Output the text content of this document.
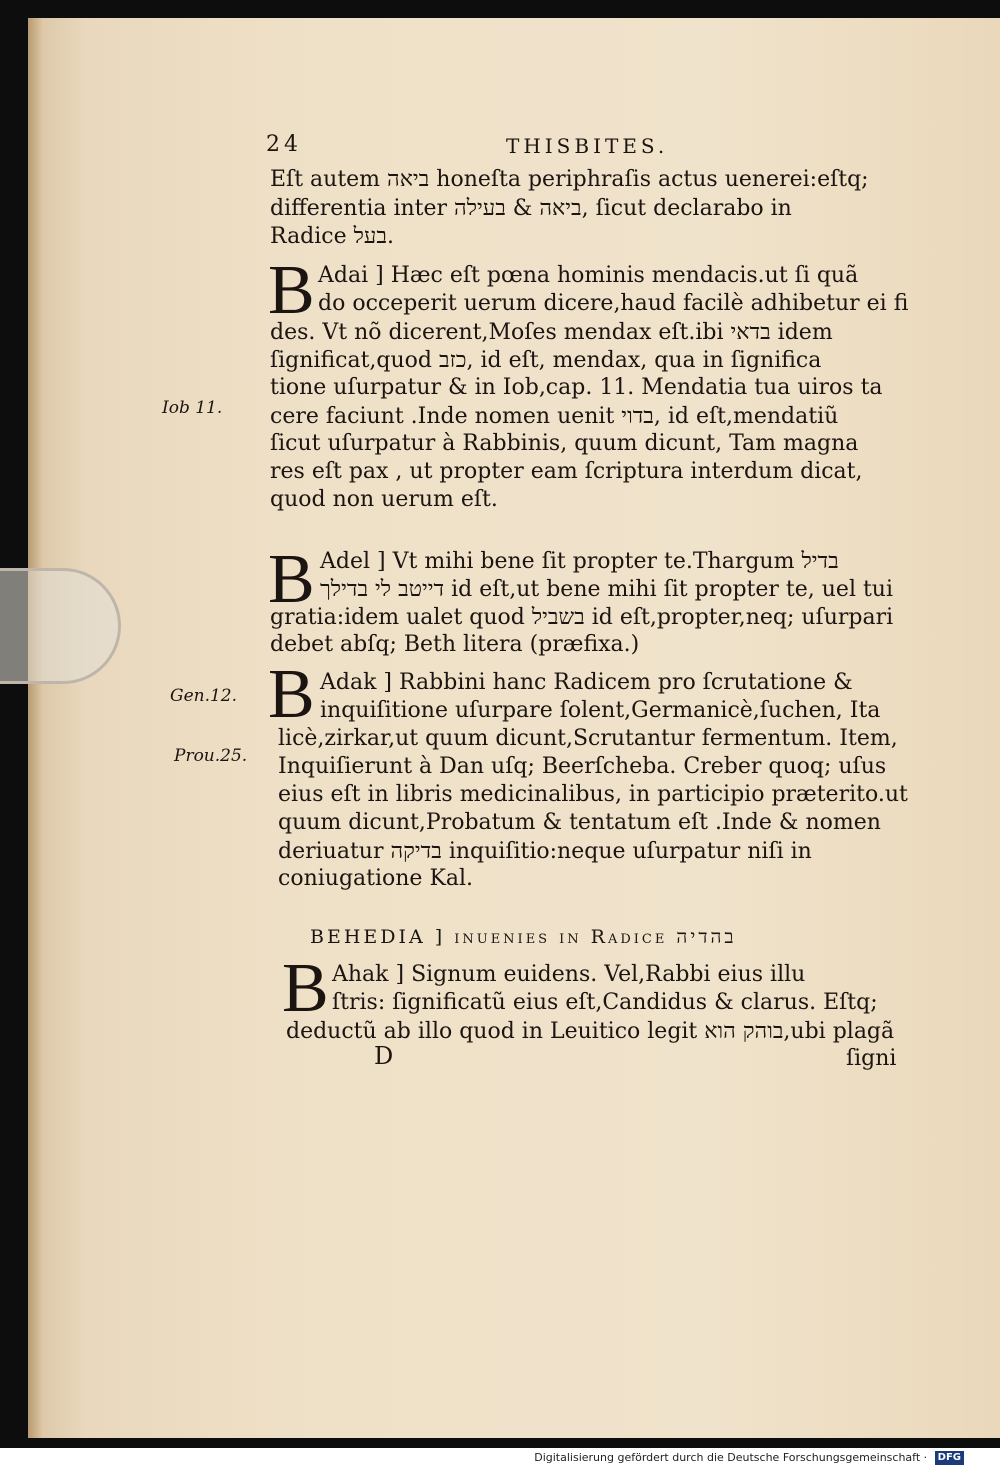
24	THISBITES.
Iob 11.
Gen.12.
Prou.25.
Eſt autem ביאה honeſta periphraſis actus uenerei:eſtq;
differentia inter ביאה & בעילה, ſicut declarabo in
Radice בעל.
B Adai ] Hæc eſt pœna hominis mendacis.ut ſi quã
do occeperit uerum dicere,haud facilè adhibetur ei fi
des. Vt nõ dicerent,Moſes mendax eſt.ibi בדאי idem
ſignificat,quod כזב, id eſt, mendax, qua in ſignifica
tione uſurpatur & in Iob,cap. 11. Mendatia tua uiros ta
cere faciunt .Inde nomen uenit בדוי, id eſt,mendatiũ
ſicut uſurpatur à Rabbinis, quum dicunt, Tam magna
res eſt pax , ut propter eam ſcriptura interdum dicat,
quod non uerum eſt.
B Adel ] Vt mihi bene ſit propter te.Thargum בדיל
דייטב לי בדילך id eſt,ut bene mihi ſit propter te, uel tui
gratia:idem ualet quod בשביל id eſt,propter,neq; uſurpari
debet abſq; Beth litera (præfixa.)
B Adak ] Rabbini hanc Radicem pro ſcrutatione &
inquiſitione uſurpare ſolent,Germanicè,ſuchen, Ita
licè,zirkar,ut quum dicunt,Scrutantur fermentum. Item,
Inquiſierunt à Dan uſq; Beerſcheba. Creber quoq; uſus
eius eſt in libris medicinalibus, in participio præterito.ut
quum dicunt,Probatum & tentatum eſt .Inde & nomen
deriuatur בדיקה inquiſitio:neque uſurpatur niſi in
coniugatione Kal.
BEHEDIA ] inuenies in Radice בהדיה
B Ahak ] Signum euidens. Vel,Rabbi eius illu
ſtris: ſignificatũ eius eſt,Candidus & clarus. Eſtq;
deductũ ab illo quod in Leuitico legit בוהק הוא,ubi plagã
ſigni
D
Digitalisierung gefördert durch die Deutsche Forschungsgemeinschaft · DFG
